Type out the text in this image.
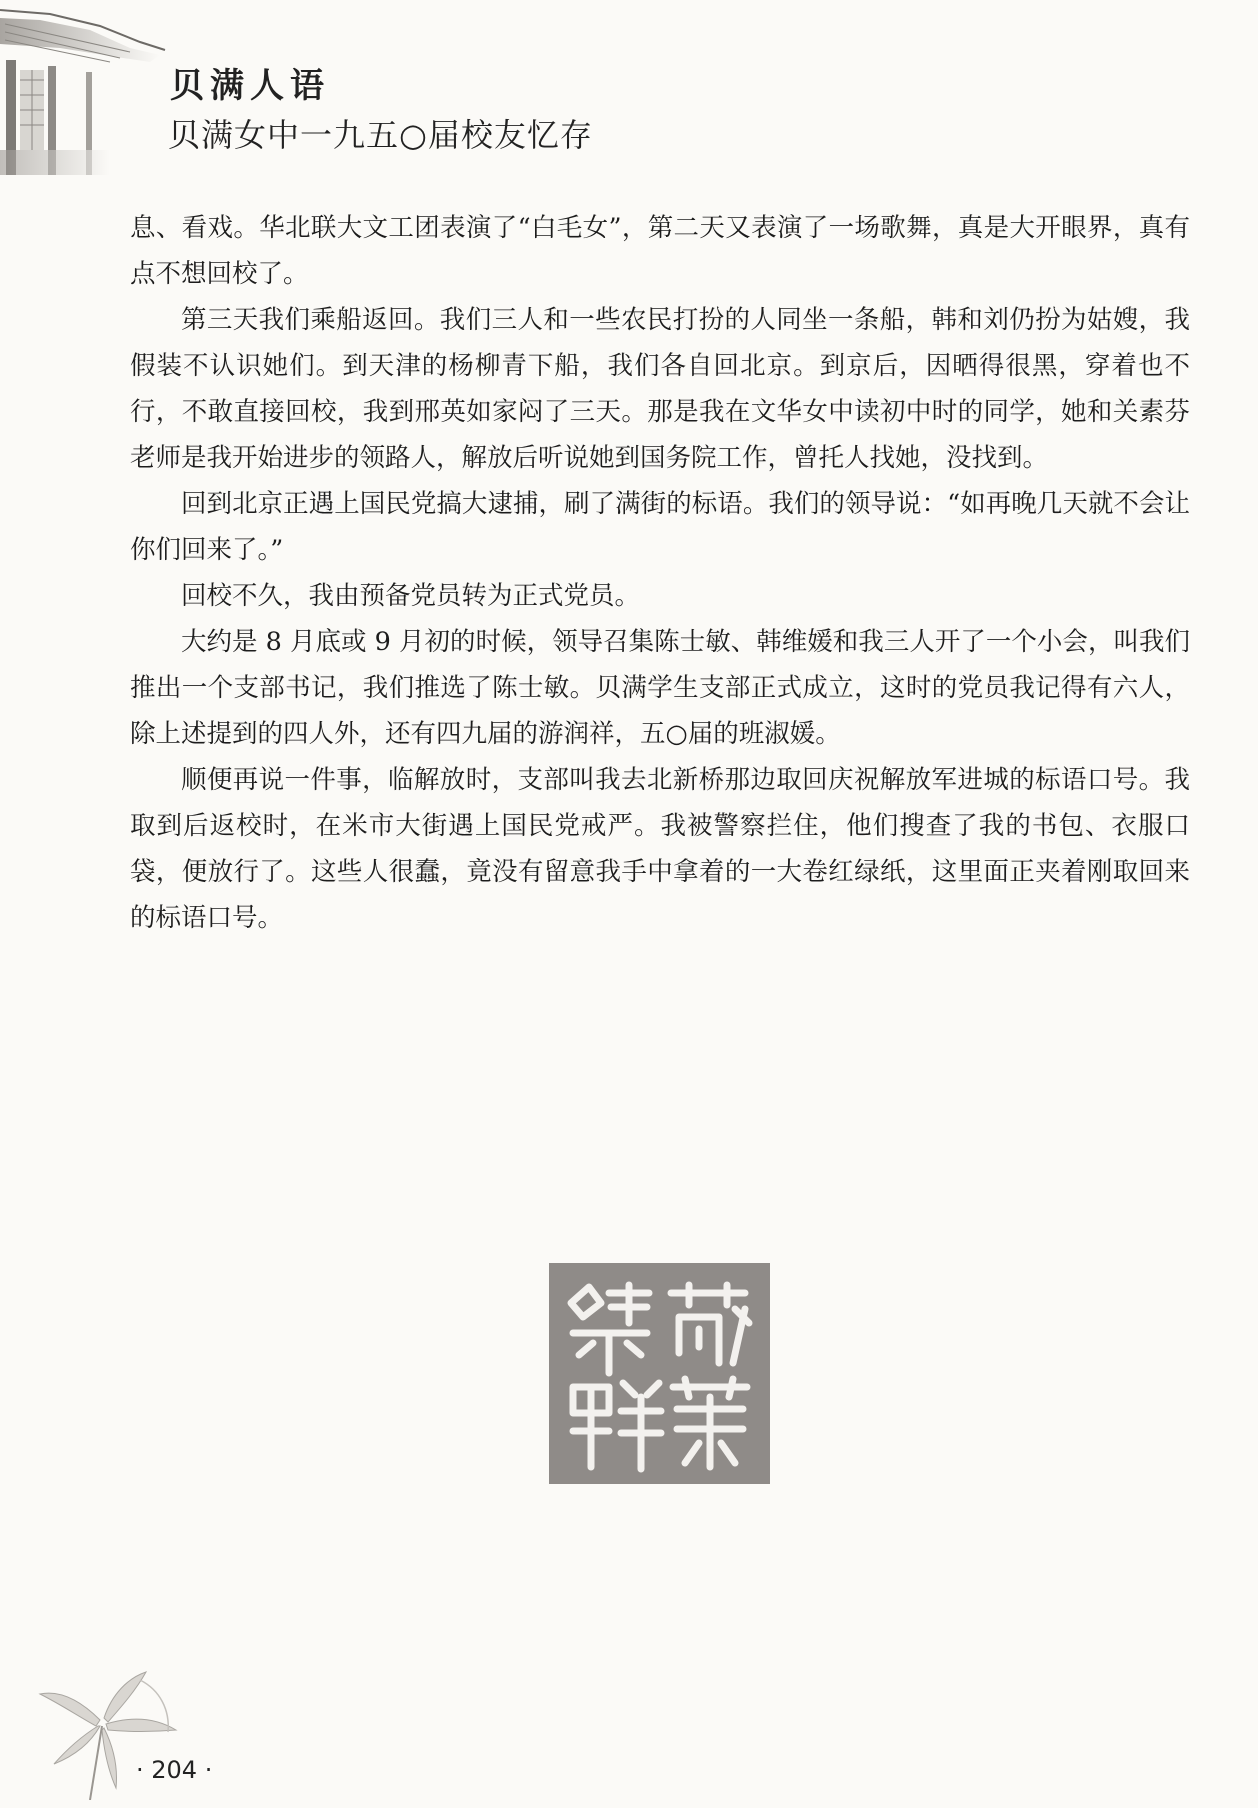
贝满人语
贝满女中一九五○届校友忆存

息、看戏。华北联大文工团表演了“白毛女”，第二天又表演了一场歌舞，真是大开眼界，真有点不想回校了。

第三天我们乘船返回。我们三人和一些农民打扮的人同坐一条船，韩和刘仍扮为姑嫂，我假装不认识她们。到天津的杨柳青下船，我们各自回北京。到京后，因晒得很黑，穿着也不行，不敢直接回校，我到邢英如家闷了三天。那是我在文华女中读初中时的同学，她和关素芬老师是我开始进步的领路人，解放后听说她到国务院工作，曾托人找她，没找到。

回到北京正遇上国民党搞大逮捕，刷了满街的标语。我们的领导说：“如再晚几天就不会让你们回来了。”

回校不久，我由预备党员转为正式党员。

大约是 8 月底或 9 月初的时候，领导召集陈士敏、韩维媛和我三人开了一个小会，叫我们推出一个支部书记，我们推选了陈士敏。贝满学生支部正式成立，这时的党员我记得有六人，除上述提到的四人外，还有四九届的游润祥，五○届的班淑媛。

顺便再说一件事，临解放时，支部叫我去北新桥那边取回庆祝解放军进城的标语口号。我取到后返校时，在米市大街遇上国民党戒严。我被警察拦住，他们搜查了我的书包、衣服口袋，便放行了。这些人很蠢，竟没有留意我手中拿着的一大卷红绿纸，这里面正夹着刚取回来的标语口号。

· 204 ·
